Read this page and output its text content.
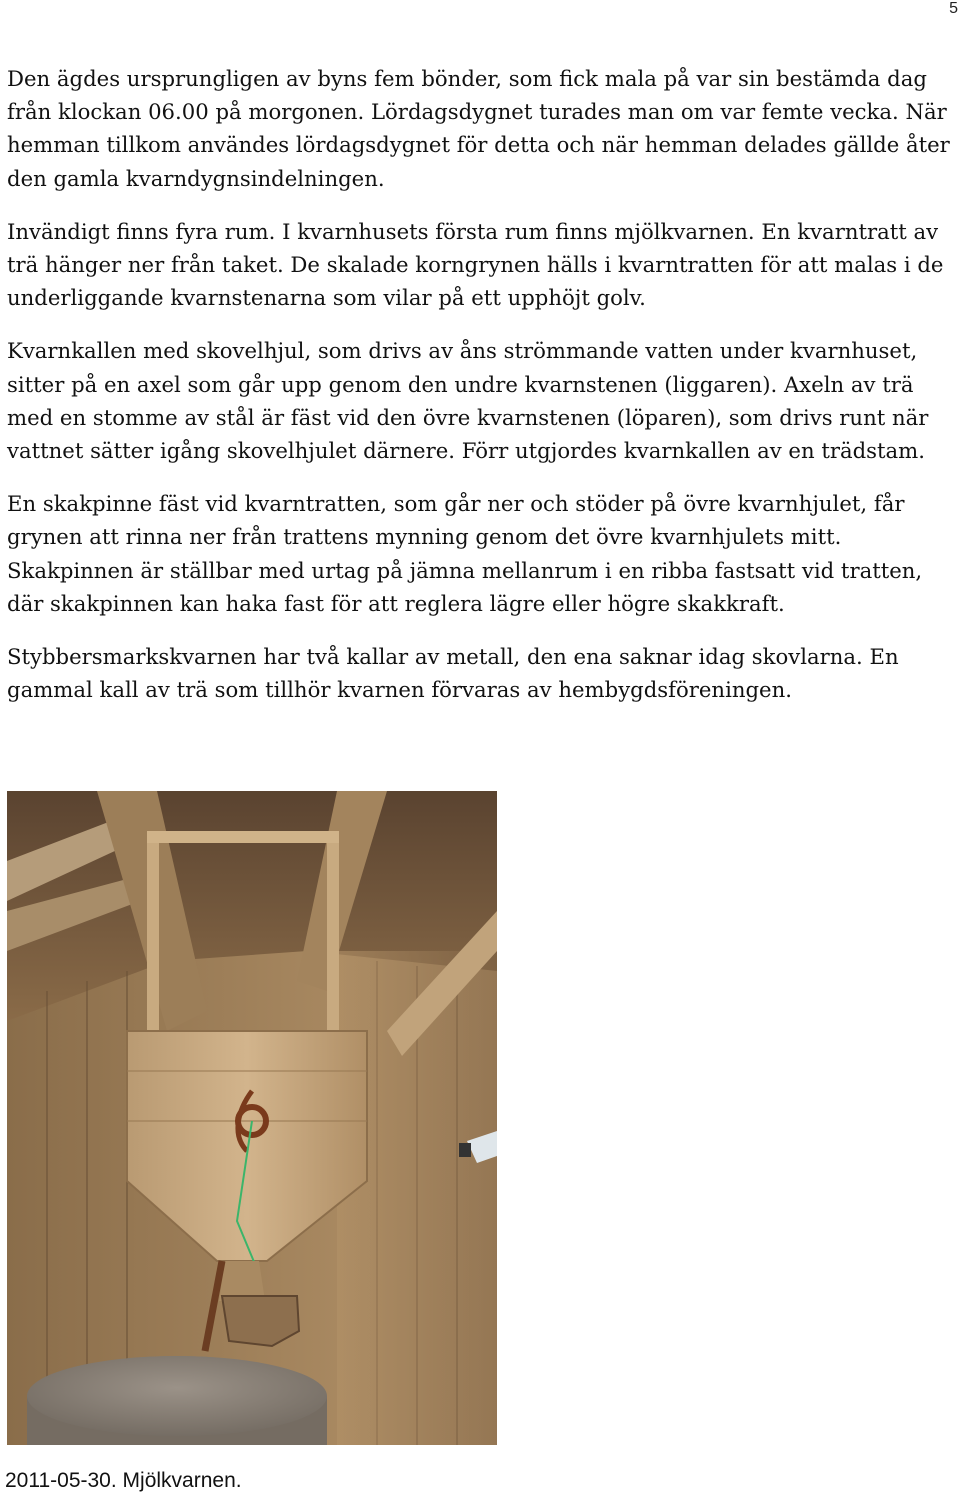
5

Den ägdes ursprungligen av byns fem bönder, som fick mala på var sin bestämda dag från klockan 06.00 på morgonen. Lördagsdygnet turades man om var femte vecka. När hemman tillkom användes lördagsdygnet för detta och när hemman delades gällde åter den gamla kvarndygnsindelningen.

Invändigt finns fyra rum. I kvarnhusets första rum finns mjölkvarnen. En kvarntratt av trä hänger ner från taket. De skalade korngrynen hälls i kvarntratten för att malas i de underliggande kvarnstenarna som vilar på ett upphöjt golv.

Kvarnkallen med skovelhjul, som drivs av åns strömmande vatten under kvarnhuset, sitter på en axel som går upp genom den undre kvarnstenen (liggaren). Axeln av trä med en stomme av stål är fäst vid den övre kvarnstenen (löparen), som drivs runt när vattnet sätter igång skovelhjulet därnere. Förr utgjordes kvarnkallen av en trädstam.

En skakpinne fäst vid kvarntratten, som går ner och stöder på övre kvarnhjulet, får grynen att rinna ner från trattens mynning genom det övre kvarnhjulets mitt. Skakpinnen är ställbar med urtag på jämna mellanrum i en ribba fastsatt vid tratten, där skakpinnen kan haka fast för att reglera lägre eller högre skakkraft.

Stybbersmarkskvarnen har två kallar av metall, den ena saknar idag skovlarna. En gammal kall av trä som tillhör kvarnen förvaras av hembygdsföreningen.

2011-05-30. Mjölkvarnen.
